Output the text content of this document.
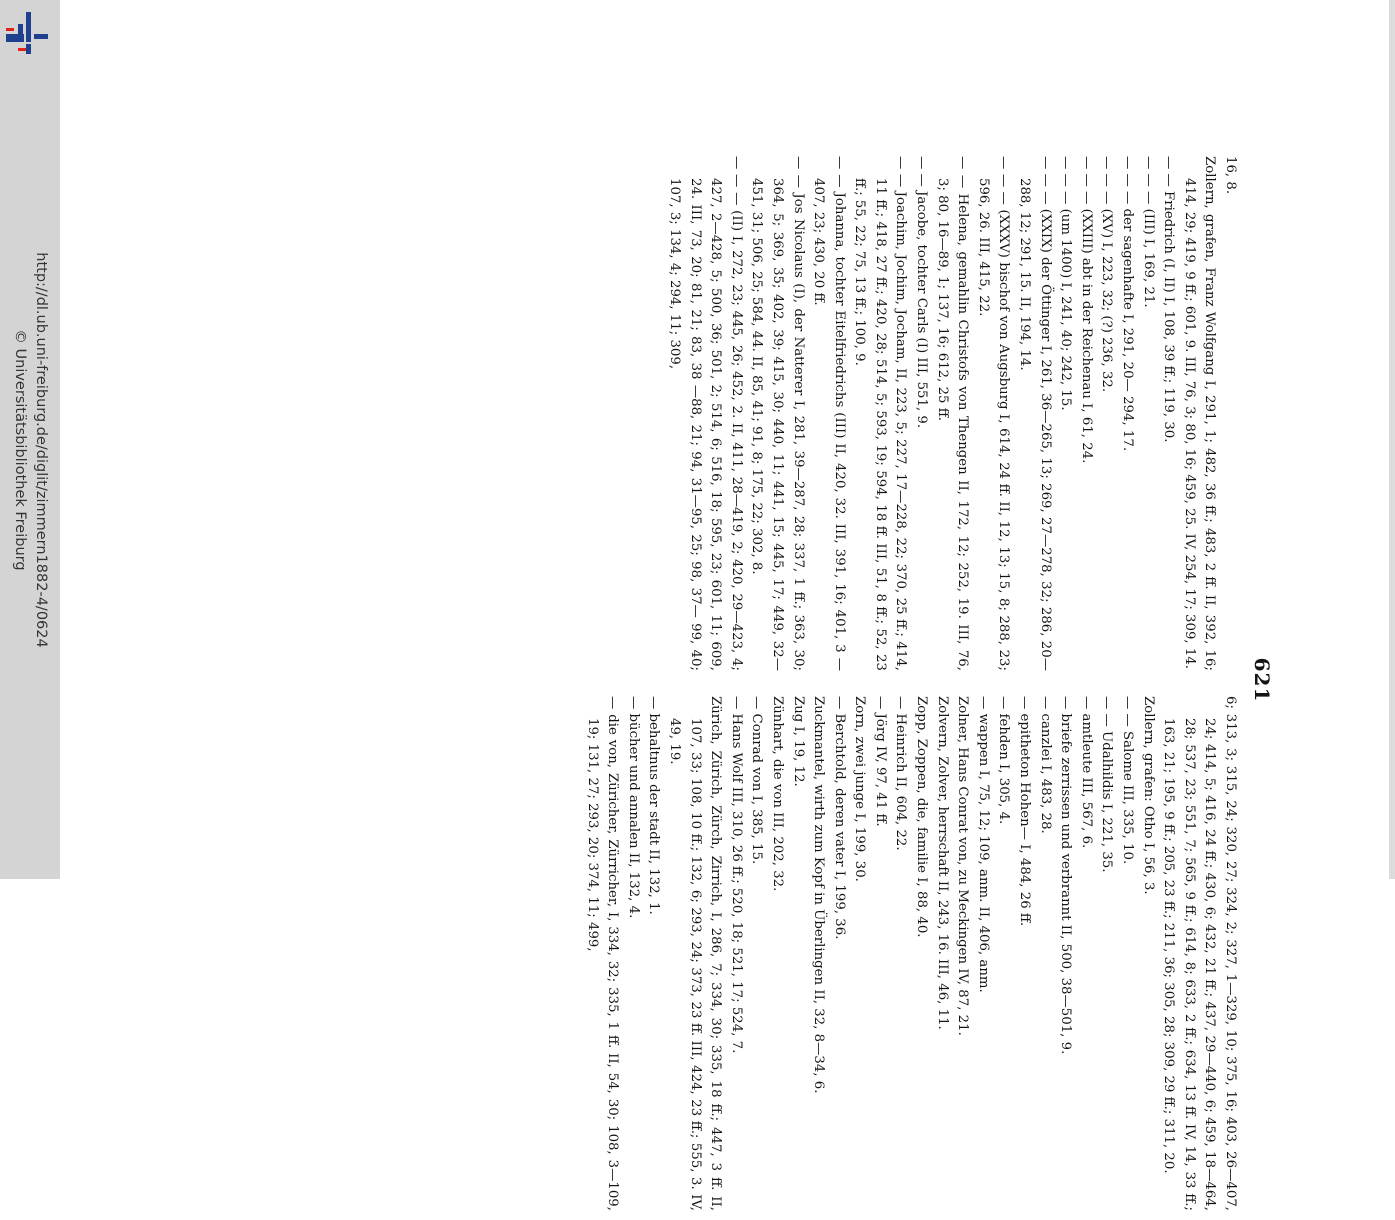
http://dl.ub.uni-freiburg.de/diglit/zimmern1882-4/0624
© Universitätsbibliothek Freiburg
621
16, 8.
Zollern, grafen, Franz Wolfgang I, 291, 1; 482, 36 ff.; 483, 2 ff. II, 392, 16; 414, 29; 419, 9 ff.; 601, 9. III, 76, 3; 80, 16; 459, 25. IV, 254, 17; 309, 14.
— — Friedrich (I, II) I, 108, 39 ff.; 119, 30.
— — — (III) I, 169, 21.
— — — der sagenhafte I, 291, 20— 294, 17.
— — — (XV) I, 223, 32; (?) 236, 32.
— — — (XXIII) abt in der Reichenau I, 61, 24.
— — — (um 1400) I, 241, 40; 242, 15.
— — — (XXIX) der Öttinger I, 261, 36—265, 13; 269, 27—278, 32; 286, 20—288, 12; 291, 15. II, 194, 14.
— — — (XXXV) bischof von Augsburg I, 614, 24 ff. II, 12, 13; 15, 8; 288, 23; 596, 26. III, 415, 22.
— — Helena, gemahlin Christofs von Thengen II, 172, 12; 252, 19. III, 76, 3; 80, 16—89, 1; 137, 16; 612, 25 ff.
— — Jacobe, tochter Carls (I) III, 551, 9.
— — Joachim, Jochim, Jocham, II, 223, 5; 227, 17—228, 22; 370, 25 ff.; 414, 11 ff.; 418, 27 ff.; 420, 28; 514, 5; 593, 19; 594, 18 ff. III, 51, 8 ff.; 52, 23 ff.; 55, 22; 75, 13 ff.; 100, 9.
— — Johanna, tochter Eitelfriedrichs (III) II, 420, 32. III, 391, 16; 401, 3 —407, 23; 430, 20 ff.
— — Jos Nicolaus (I), der Natterer I, 281, 39—287, 28; 337, 1 ff.; 363, 30; 364, 5; 369, 35; 402, 39; 415, 30; 440, 11; 441, 15; 445, 17; 449, 32— 451, 31; 506, 25; 584, 44. II, 85, 41; 91, 8; 175, 22; 302, 8.
— — — (II) I, 272, 23; 445, 26; 452, 2. II, 411, 28—419, 2; 420, 29—423, 4; 427, 2—428, 5; 500, 36; 501, 2; 514, 6; 516, 18; 595, 23; 601, 11; 609, 24. III, 73, 20; 81, 21; 83, 38 —88, 21; 94, 31—95, 25; 98, 37— 99, 40; 107, 3; 134, 4; 294, 11; 309,
6; 313, 3; 315, 24; 320, 27; 324, 2; 327, 1—329, 10; 375, 16; 403, 26—407, 24; 414, 5; 416, 24 ff.; 430, 6; 432, 21 ff.; 437, 29—440, 6; 459, 18—464, 28; 537, 23; 551, 7; 565, 9 ff.; 614, 8; 633, 2 ff.; 634, 13 ff. IV, 14, 33 ff.; 163, 21; 195, 9 ff.; 205, 23 ff.; 211, 36; 305, 28; 309, 29 ff.; 311, 20.
Zollern, grafen: Otho I, 56, 3.
— — Salome III, 335, 10.
— — Udalhildis I, 221, 35.
— amtleute III, 567, 6.
— briefe zerrissen und verbrannt II, 500, 38—501, 9.
— canzlei I, 483, 28.
— epitheton Hohen— I, 484, 26 ff.
— fehden I, 305, 4.
— wappen I, 75, 12; 109, anm. II, 406, anm.
Zolner, Hans Conrat von, zu Meckingen IV, 87, 21.
Zolvern, Zolver, herrschaft II, 243, 16. III, 46, 11.
Zopp, Zoppen, die, familie I, 88, 40.
— Heinrich II, 604, 22.
— Jörg IV, 97, 41 ff.
Zorn, zwei junge I, 199, 30.
— Berchtold, deren vater I, 199, 36.
Zuckmantel, wirth zum Kopf in Überlingen II, 32, 8—34, 6.
Zug I, 19, 12.
Zünhart, die von III, 202, 32.
— Conrad von I, 385, 15.
— Hans Wolf III, 310, 26 ff.; 520, 18; 521, 17; 524, 7.
Zürich, Zürich, Zürch, Zirrich, I, 286, 7; 334, 30; 335, 18 ff.; 447, 3 ff. II, 107, 33; 108, 10 ff.; 132, 6; 293, 24; 373, 23 ff. III, 424, 23 ff.; 555, 3. IV, 49, 19.
— behaltnus der stadt II, 132, 1.
— bücher und annalen II, 132, 4.
— die von, Züricher, Zürricher, I, 334, 32; 335, 1 ff. II, 54, 30; 108, 3—109, 19; 131, 27; 293, 20; 374, 11; 499,
